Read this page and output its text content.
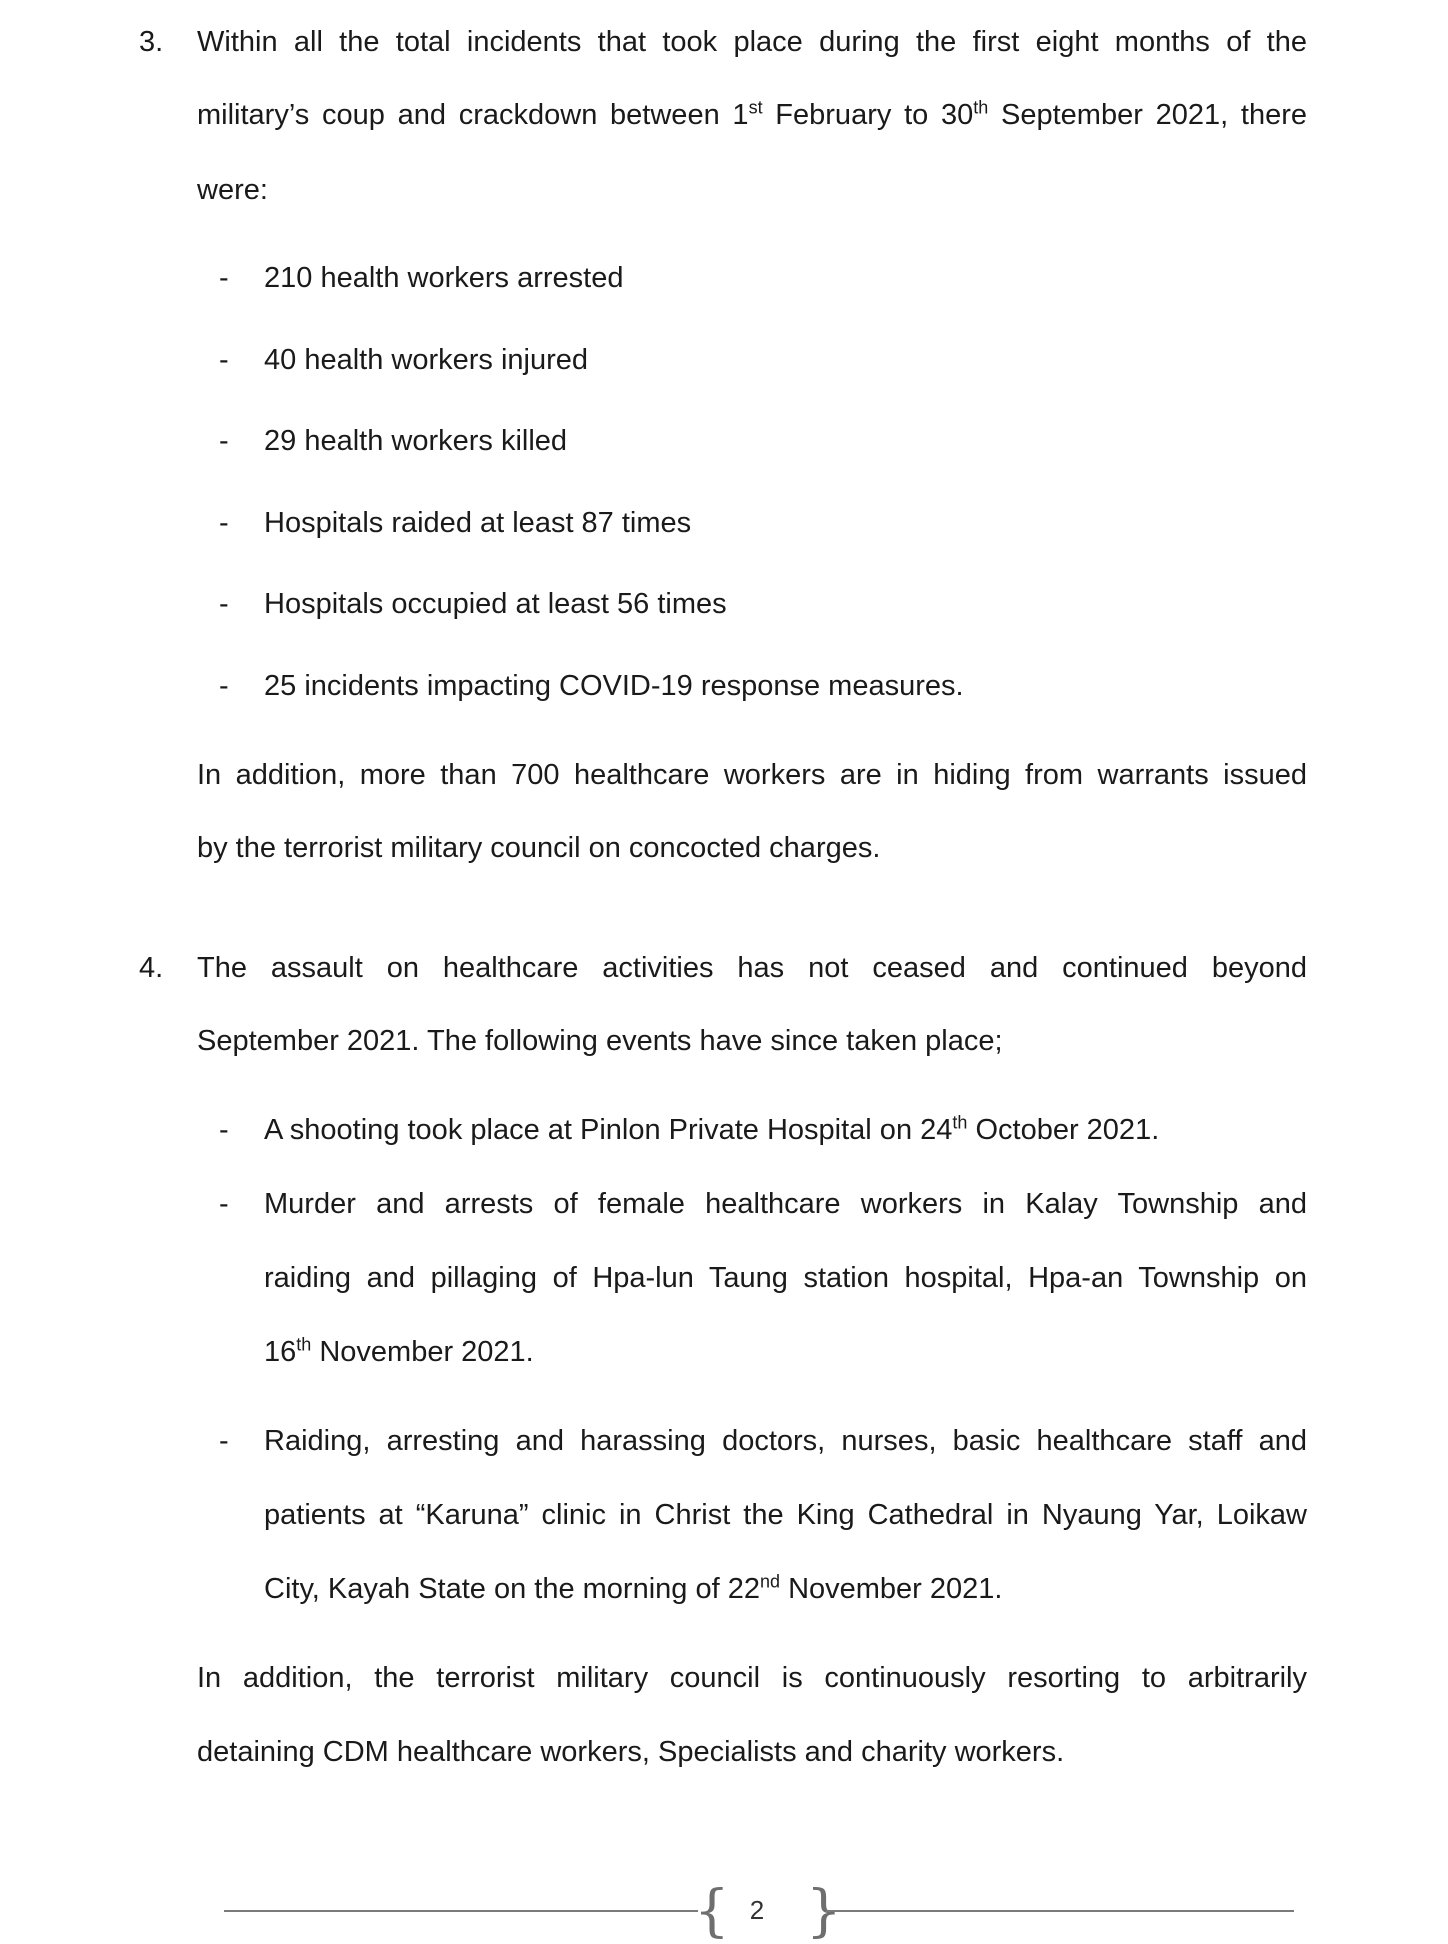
3. Within all the total incidents that took place during the first eight months of the
military’s coup and crackdown between 1st February to 30th September 2021, there
were:
- 210 health workers arrested
- 40 health workers injured
- 29 health workers killed
- Hospitals raided at least 87 times
- Hospitals occupied at least 56 times
- 25 incidents impacting COVID-19 response measures.
In addition, more than 700 healthcare workers are in hiding from warrants issued
by the terrorist military council on concocted charges.
4. The assault on healthcare activities has not ceased and continued beyond
September 2021. The following events have since taken place;
- A shooting took place at Pinlon Private Hospital on 24th October 2021.
- Murder and arrests of female healthcare workers in Kalay Township and
raiding and pillaging of Hpa-lun Taung station hospital, Hpa-an Township on
16th November 2021.
- Raiding, arresting and harassing doctors, nurses, basic healthcare staff and
patients at “Karuna” clinic in Christ the King Cathedral in Nyaung Yar, Loikaw
City, Kayah State on the morning of 22nd November 2021.
In addition, the terrorist military council is continuously resorting to arbitrarily
detaining CDM healthcare workers, Specialists and charity workers.
{ 2 }
